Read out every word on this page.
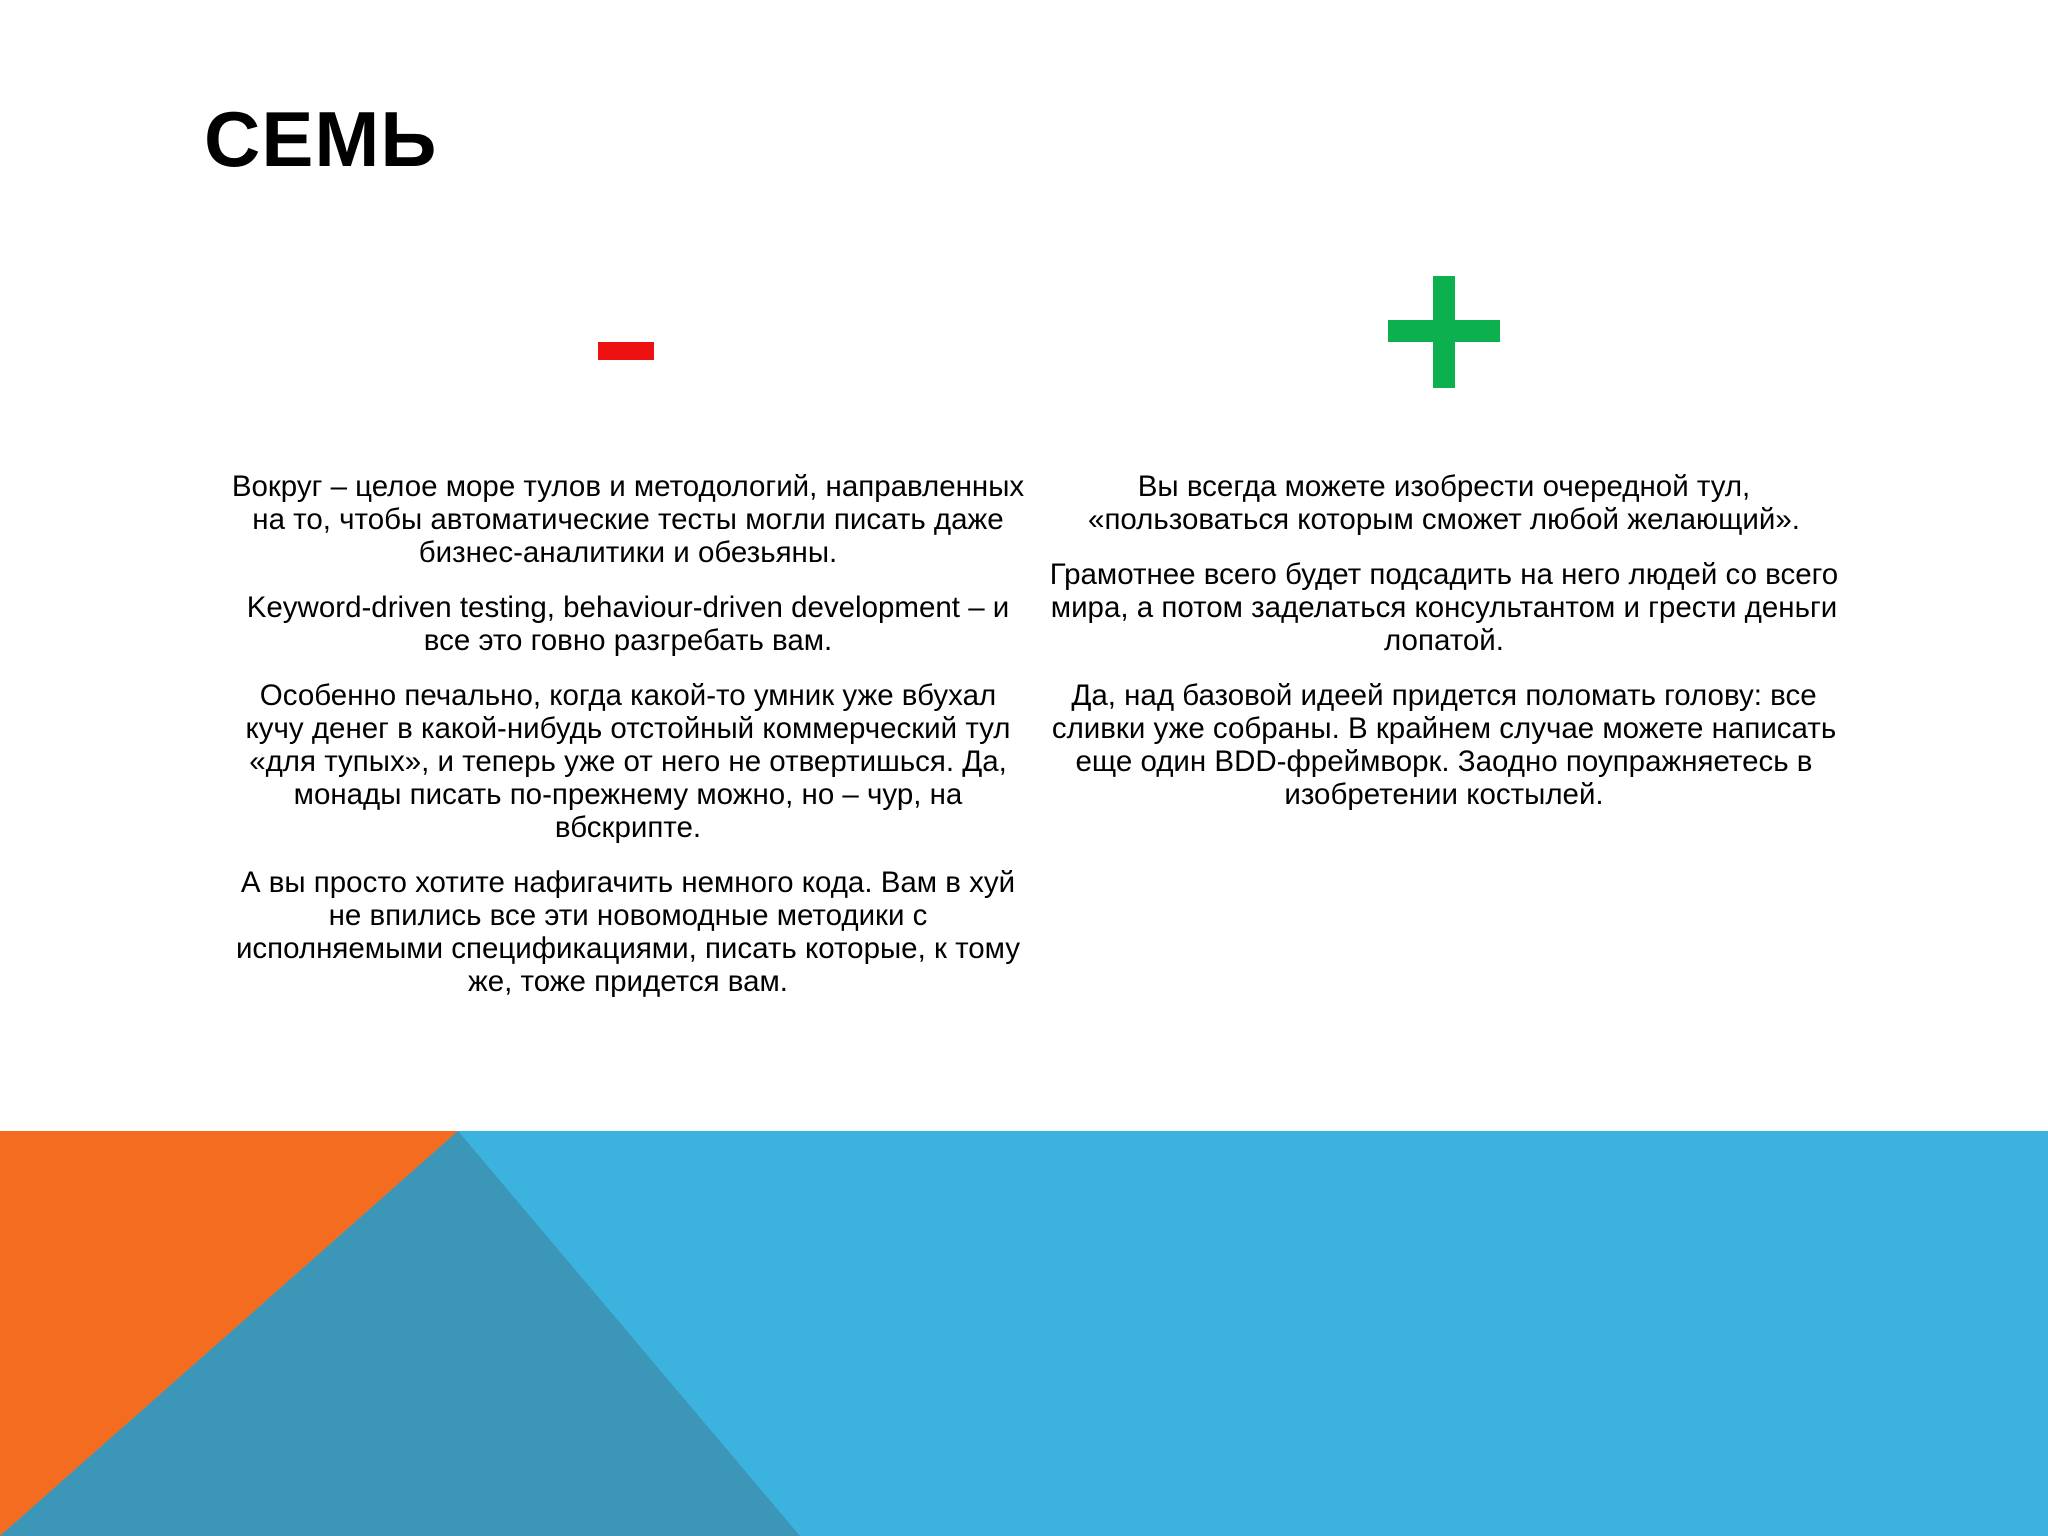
СЕМЬ

Вокруг – целое море тулов и методологий, направленных на то, чтобы автоматические тесты могли писать даже бизнес-аналитики и обезьяны.

Keyword-driven testing, behaviour-driven development – и все это говно разгребать вам.

Особенно печально, когда какой-то умник уже вбухал кучу денег в какой-нибудь отстойный коммерческий тул «для тупых», и теперь уже от него не отвертишься. Да, монады писать по-прежнему можно, но – чур, на вбскрипте.

А вы просто хотите нафигачить немного кода. Вам в хуй не впились все эти новомодные методики с исполняемыми спецификациями, писать которые, к тому же, тоже придется вам.

Вы всегда можете изобрести очередной тул, «пользоваться которым сможет любой желающий».

Грамотнее всего будет подсадить на него людей со всего мира, а потом заделаться консультантом и грести деньги лопатой.

Да, над базовой идеей придется поломать голову: все сливки уже собраны. В крайнем случае можете написать еще один BDD-фреймворк. Заодно поупражняетесь в изобретении костылей.
